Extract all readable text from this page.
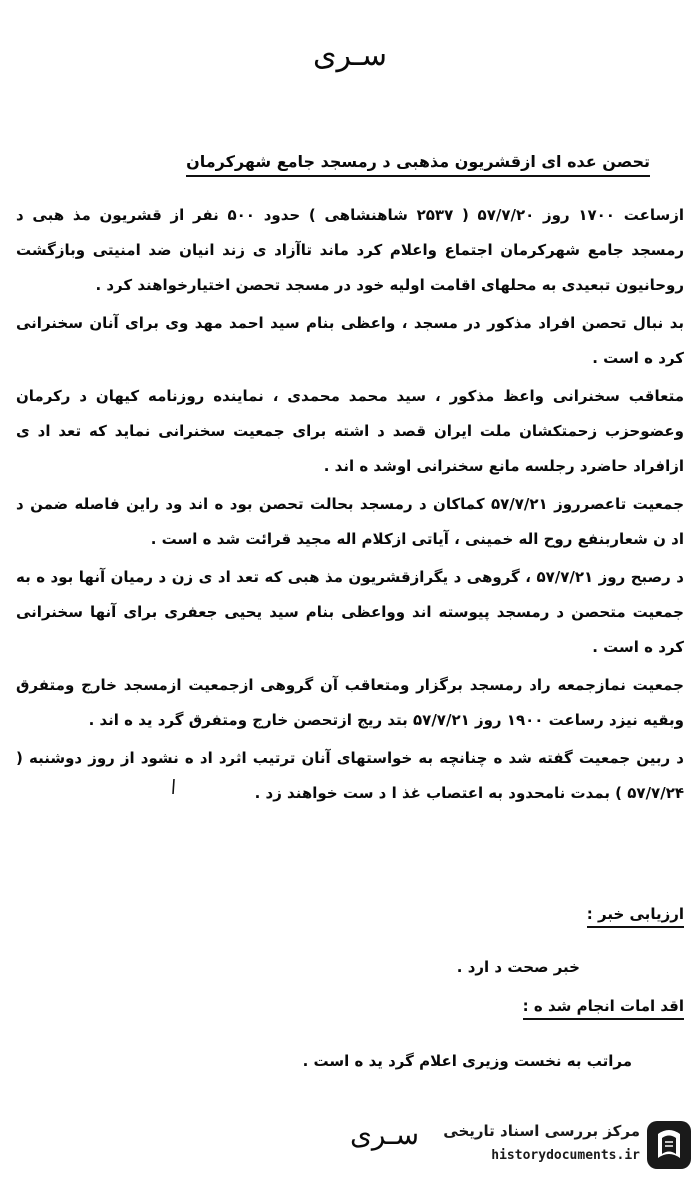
سـری
تحصن عده ای ازقشریون مذهبی د رمسجد جامع شهرکرمان

ازساعت ۱۷۰۰ روز ۵۷/۷/۲۰ ( ۲۵۳۷ شاهنشاهی ) حدود ۵۰۰ نفر از قشریون مذ هبی د رمسجد جامع شهرکرمان اجتماع واعلام کرد ماند تاآزاد ی زند انیان ضد امنیتی وبازگشت روحانیون تبعیدی به محلهای اقامت اولیه خود در مسجد تحصن اختیارخواهند کرد .

بد نبال تحصن افراد مذکور در مسجد ، واعظی بنام سید احمد مهد وی برای آنان سخنرانی کرد ه است .

متعاقب سخنرانی واعظ مذکور ، سید محمد محمدی ، نماینده روزنامه کیهان د رکرمان وعضوحزب زحمتکشان ملت ایران قصد د اشته برای جمعیت سخنرانی نماید که تعد اد ی ازافراد حاضرد رجلسه مانع سخنرانی اوشد ه اند .

جمعیت تاعصرروز ۵۷/۷/۲۱ کماکان د رمسجد بحالت تحصن بود ه اند ود راین فاصله ضمن د اد ن شعاربنفع روح اله خمینی ، آیاتی ازکلام اله مجید قرائت شد ه است .

د رصبح روز ۵۷/۷/۲۱ ، گروهی د یگرازقشریون مذ هبی که تعد اد ی زن د رمیان آنها بود ه به جمعیت متحصن د رمسجد پیوسته اند وواعظی بنام سید یحیی جعفری برای آنها سخنرانی کرد ه است .

جمعیت نمازجمعه راد رمسجد برگزار ومتعاقب آن گروهی ازجمعیت ازمسجد خارج ومتفرق وبقیه نیزد رساعت ۱۹۰۰ روز ۵۷/۷/۲۱ بتد ریج ازتحصن خارج ومتفرق گرد ید ه اند .

د ربین جمعیت گفته شد ه چنانچه به خواستهای آنان ترتیب اثرد اد ه نشود از روز دوشنبه ( ۵۷/۷/۲۴ ) بمدت نامحدود به اعتصاب غذ ا د ست خواهند زد .

ارزیابی خبر :
خبر صحت د ارد .
اقد امات انجام شد ه :
مراتب به نخست وزیری اعلام گرد ید ه است .
سـری	مرکز بررسی اسناد تاریخی
historydocuments.ir
